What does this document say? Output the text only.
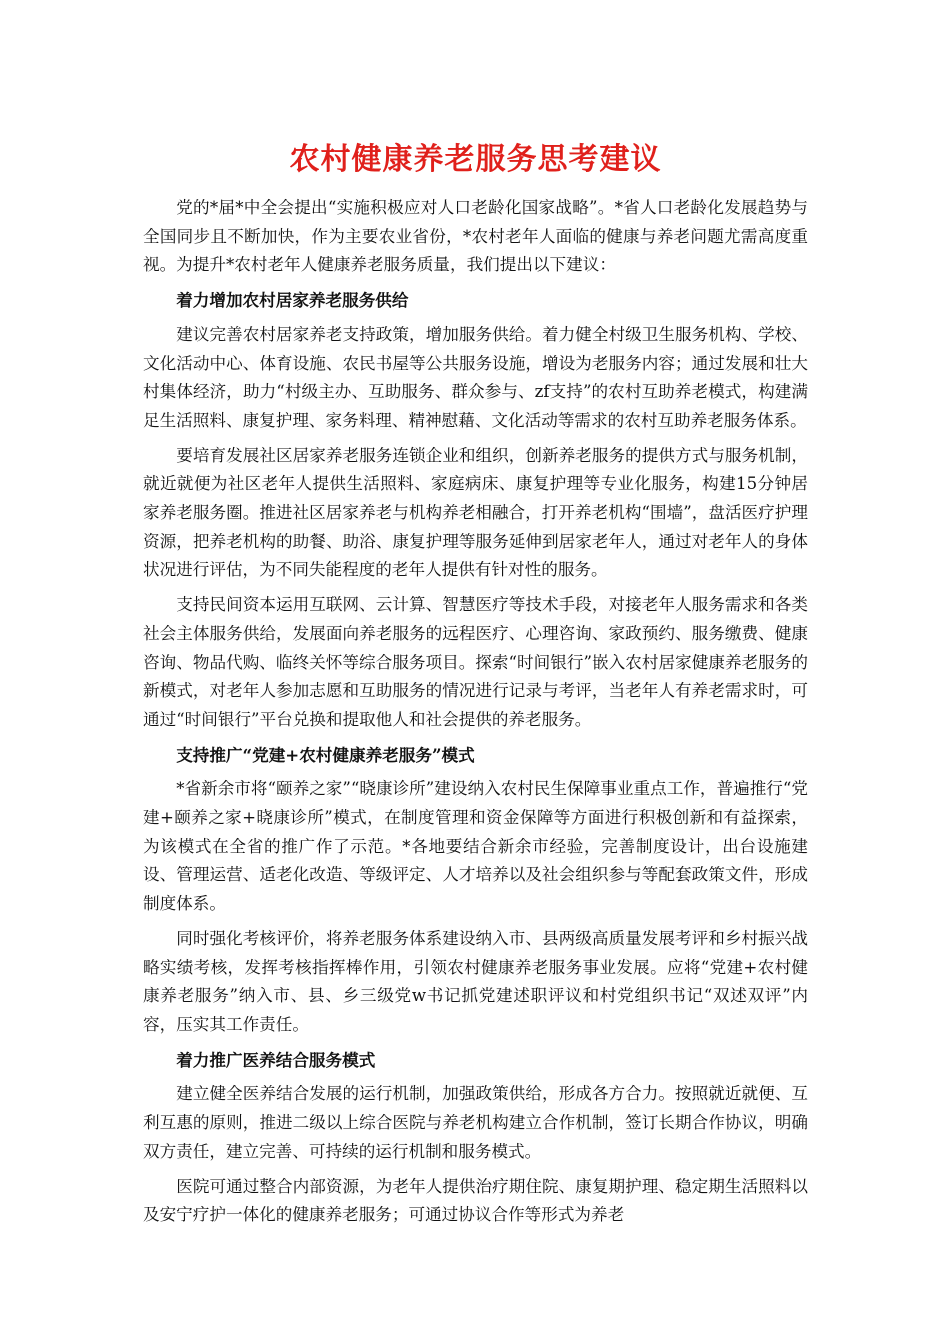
农村健康养老服务思考建议

党的*届*中全会提出“实施积极应对人口老龄化国家战略”。*省人口老龄化发展趋势与全国同步且不断加快，作为主要农业省份，*农村老年人面临的健康与养老问题尤需高度重视。为提升*农村老年人健康养老服务质量，我们提出以下建议：

着力增加农村居家养老服务供给

建议完善农村居家养老支持政策，增加服务供给。着力健全村级卫生服务机构、学校、文化活动中心、体育设施、农民书屋等公共服务设施，增设为老服务内容；通过发展和壮大村集体经济，助力“村级主办、互助服务、群众参与、zf支持”的农村互助养老模式，构建满足生活照料、康复护理、家务料理、精神慰藉、文化活动等需求的农村互助养老服务体系。

要培育发展社区居家养老服务连锁企业和组织，创新养老服务的提供方式与服务机制，就近就便为社区老年人提供生活照料、家庭病床、康复护理等专业化服务，构建15分钟居家养老服务圈。推进社区居家养老与机构养老相融合，打开养老机构“围墙”，盘活医疗护理资源，把养老机构的助餐、助浴、康复护理等服务延伸到居家老年人，通过对老年人的身体状况进行评估，为不同失能程度的老年人提供有针对性的服务。

支持民间资本运用互联网、云计算、智慧医疗等技术手段，对接老年人服务需求和各类社会主体服务供给，发展面向养老服务的远程医疗、心理咨询、家政预约、服务缴费、健康咨询、物品代购、临终关怀等综合服务项目。探索“时间银行”嵌入农村居家健康养老服务的新模式，对老年人参加志愿和互助服务的情况进行记录与考评，当老年人有养老需求时，可通过“时间银行”平台兑换和提取他人和社会提供的养老服务。

支持推广“党建+农村健康养老服务”模式

*省新余市将“颐养之家”“晓康诊所”建设纳入农村民生保障事业重点工作，普遍推行“党建+颐养之家+晓康诊所”模式，在制度管理和资金保障等方面进行积极创新和有益探索，为该模式在全省的推广作了示范。*各地要结合新余市经验，完善制度设计，出台设施建设、管理运营、适老化改造、等级评定、人才培养以及社会组织参与等配套政策文件，形成制度体系。

同时强化考核评价，将养老服务体系建设纳入市、县两级高质量发展考评和乡村振兴战略实绩考核，发挥考核指挥棒作用，引领农村健康养老服务事业发展。应将“党建+农村健康养老服务”纳入市、县、乡三级党w书记抓党建述职评议和村党组织书记“双述双评”内容，压实其工作责任。

着力推广医养结合服务模式

建立健全医养结合发展的运行机制，加强政策供给，形成各方合力。按照就近就便、互利互惠的原则，推进二级以上综合医院与养老机构建立合作机制，签订长期合作协议，明确双方责任，建立完善、可持续的运行机制和服务模式。

医院可通过整合内部资源，为老年人提供治疗期住院、康复期护理、稳定期生活照料以及安宁疗护一体化的健康养老服务；可通过协议合作等形式为养老
